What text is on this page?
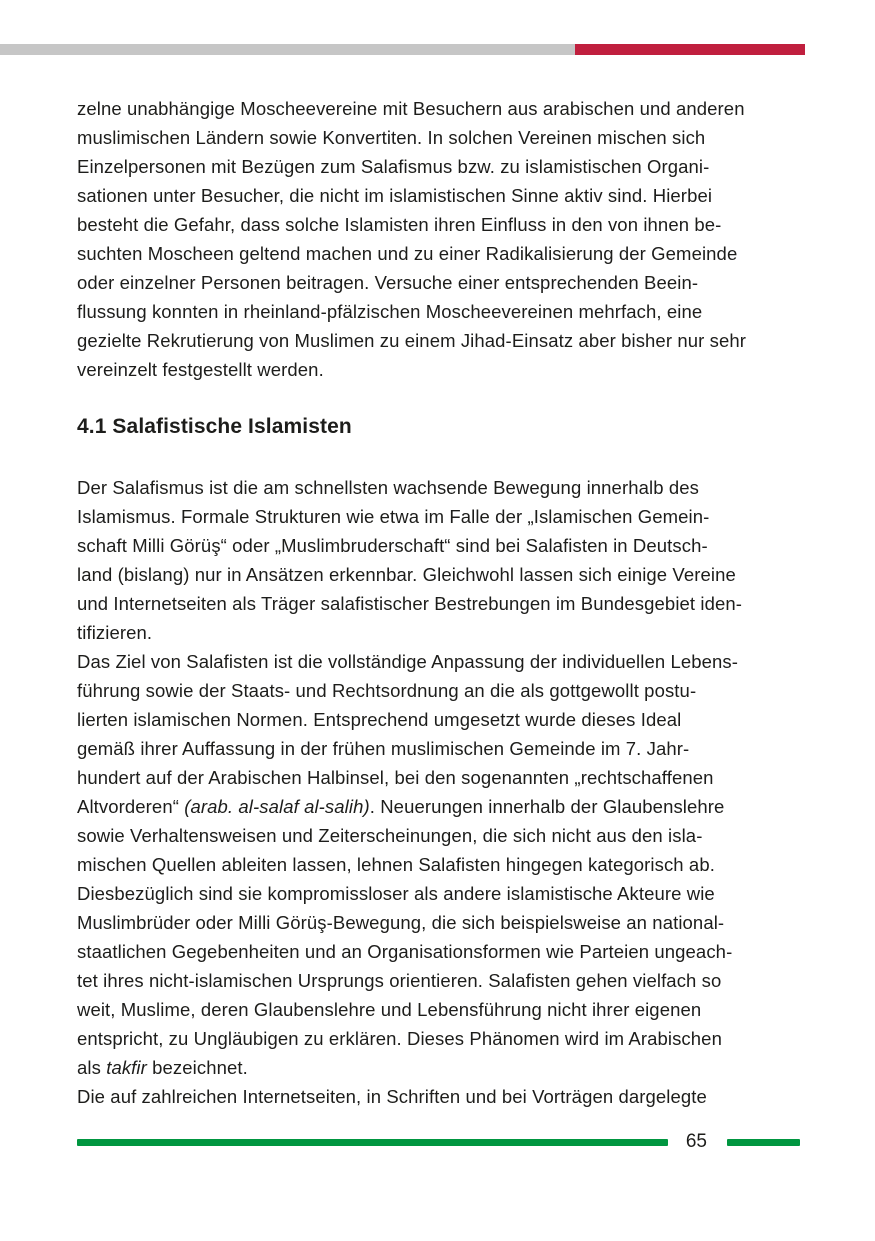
zelne unabhängige Moscheevereine mit Besuchern aus arabischen und anderen
muslimischen Ländern sowie Konvertiten. In solchen Vereinen mischen sich
Einzelpersonen mit Bezügen zum Salafismus bzw. zu islamistischen Organi-
sationen unter Besucher, die nicht im islamistischen Sinne aktiv sind. Hierbei
besteht die Gefahr, dass solche Islamisten ihren Einfluss in den von ihnen be-
suchten Moscheen geltend machen und zu einer Radikalisierung der Gemeinde
oder einzelner Personen beitragen. Versuche einer entsprechenden Beein-
flussung konnten in rheinland-pfälzischen Moscheevereinen mehrfach, eine
gezielte Rekrutierung von Muslimen zu einem Jihad-Einsatz aber bisher nur sehr
vereinzelt festgestellt werden.

4.1 Salafistische Islamisten

Der Salafismus ist die am schnellsten wachsende Bewegung innerhalb des
Islamismus. Formale Strukturen wie etwa im Falle der „Islamischen Gemein-
schaft Milli Görüş“ oder „Muslimbruderschaft“ sind bei Salafisten in Deutsch-
land (bislang) nur in Ansätzen erkennbar. Gleichwohl lassen sich einige Vereine
und Internetseiten als Träger salafistischer Bestrebungen im Bundesgebiet iden-
tifizieren.

Das Ziel von Salafisten ist die vollständige Anpassung der individuellen Lebens-
führung sowie der Staats- und Rechtsordnung an die als gottgewollt postu-
lierten islamischen Normen. Entsprechend umgesetzt wurde dieses Ideal
gemäß ihrer Auffassung in der frühen muslimischen Gemeinde im 7. Jahr-
hundert auf der Arabischen Halbinsel, bei den sogenannten „rechtschaffenen
Altvorderen“ (arab. al-salaf al-salih). Neuerungen innerhalb der Glaubenslehre
sowie Verhaltensweisen und Zeiterscheinungen, die sich nicht aus den isla-
mischen Quellen ableiten lassen, lehnen Salafisten hingegen kategorisch ab.
Diesbezüglich sind sie kompromissloser als andere islamistische Akteure wie
Muslimbrüder oder Milli Görüş-Bewegung, die sich beispielsweise an national-
staatlichen Gegebenheiten und an Organisationsformen wie Parteien ungeach-
tet ihres nicht-islamischen Ursprungs orientieren. Salafisten gehen vielfach so
weit, Muslime, deren Glaubenslehre und Lebensführung nicht ihrer eigenen
entspricht, zu Ungläubigen zu erklären. Dieses Phänomen wird im Arabischen
als takfir bezeichnet.

Die auf zahlreichen Internetseiten, in Schriften und bei Vorträgen dargelegte

65
